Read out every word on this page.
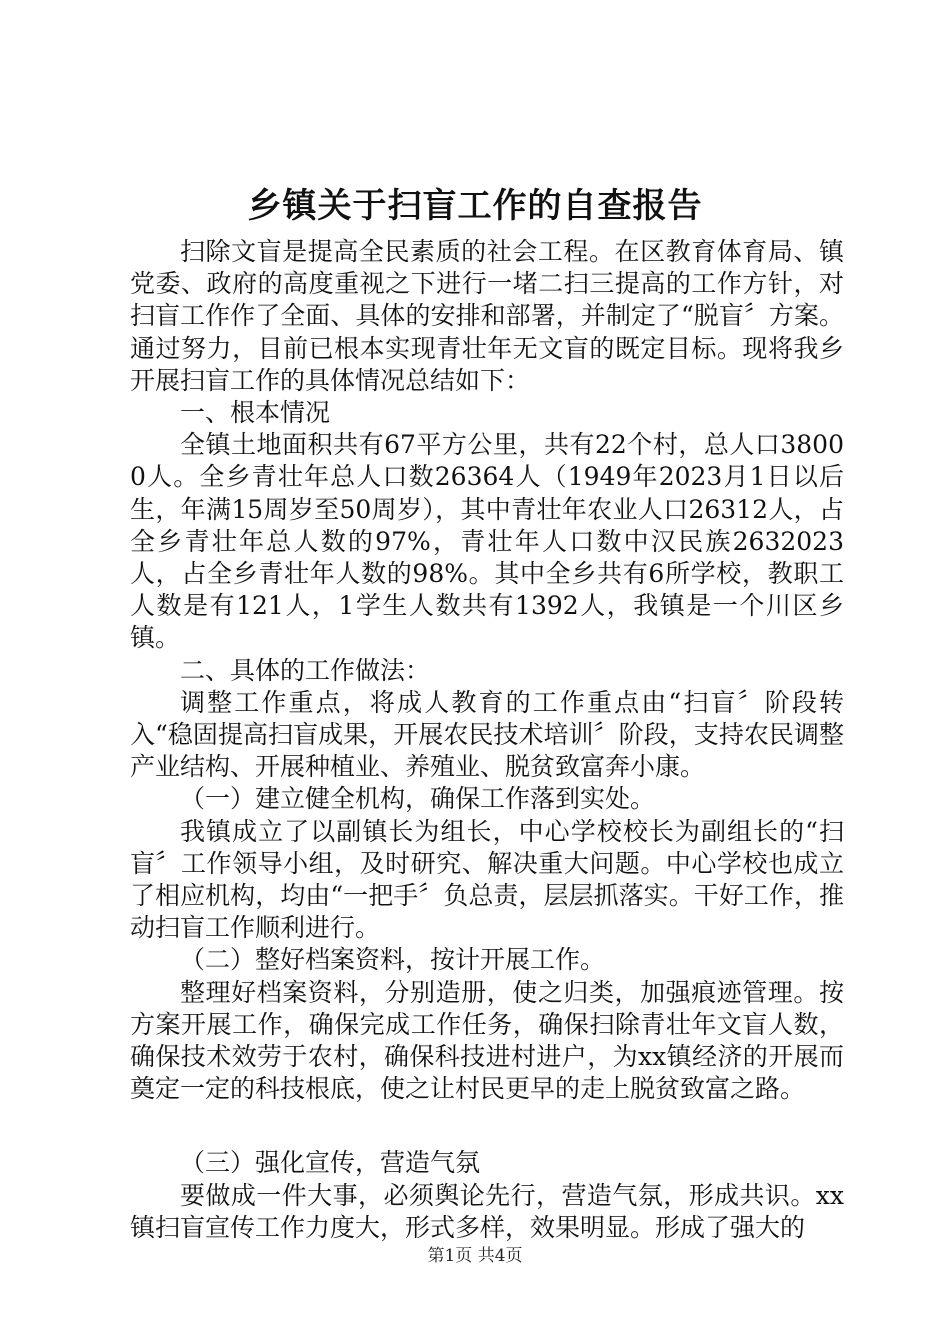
乡镇关于扫盲工作的自查报告

扫除文盲是提高全民素质的社会工程。在区教育体育局、镇党委、政府的高度重视之下进行一堵二扫三提高的工作方针，对扫盲工作作了全面、具体的安排和部署，并制定了“脱盲〞方案。通过努力，目前已根本实现青壮年无文盲的既定目标。现将我乡开展扫盲工作的具体情况总结如下：

一、根本情况

全镇土地面积共有67平方公里，共有22个村，总人口38000人。全乡青壮年总人口数26364人（1949年2023月1日以后生，年满15周岁至50周岁），其中青壮年农业人口26312人，占全乡青壮年总人数的97%，青壮年人口数中汉民族2632023人，占全乡青壮年人数的98%。其中全乡共有6所学校，教职工人数是有121人，1学生人数共有1392人，我镇是一个川区乡镇。

二、具体的工作做法：

调整工作重点，将成人教育的工作重点由“扫盲〞阶段转入“稳固提高扫盲成果，开展农民技术培训〞阶段，支持农民调整产业结构、开展种植业、养殖业、脱贫致富奔小康。

（一）建立健全机构，确保工作落到实处。

我镇成立了以副镇长为组长，中心学校校长为副组长的“扫盲〞工作领导小组，及时研究、解决重大问题。中心学校也成立了相应机构，均由“一把手〞负总责，层层抓落实。干好工作，推动扫盲工作顺利进行。

（二）整好档案资料，按计开展工作。

整理好档案资料，分别造册，使之归类，加强痕迹管理。按方案开展工作，确保完成工作任务，确保扫除青壮年文盲人数，确保技术效劳于农村，确保科技进村进户，为xx镇经济的开展而奠定一定的科技根底，使之让村民更早的走上脱贫致富之路。

（三）强化宣传，营造气氛

要做成一件大事，必须舆论先行，营造气氛，形成共识。xx镇扫盲宣传工作力度大，形式多样，效果明显。形成了强大的

第1页 共4页
